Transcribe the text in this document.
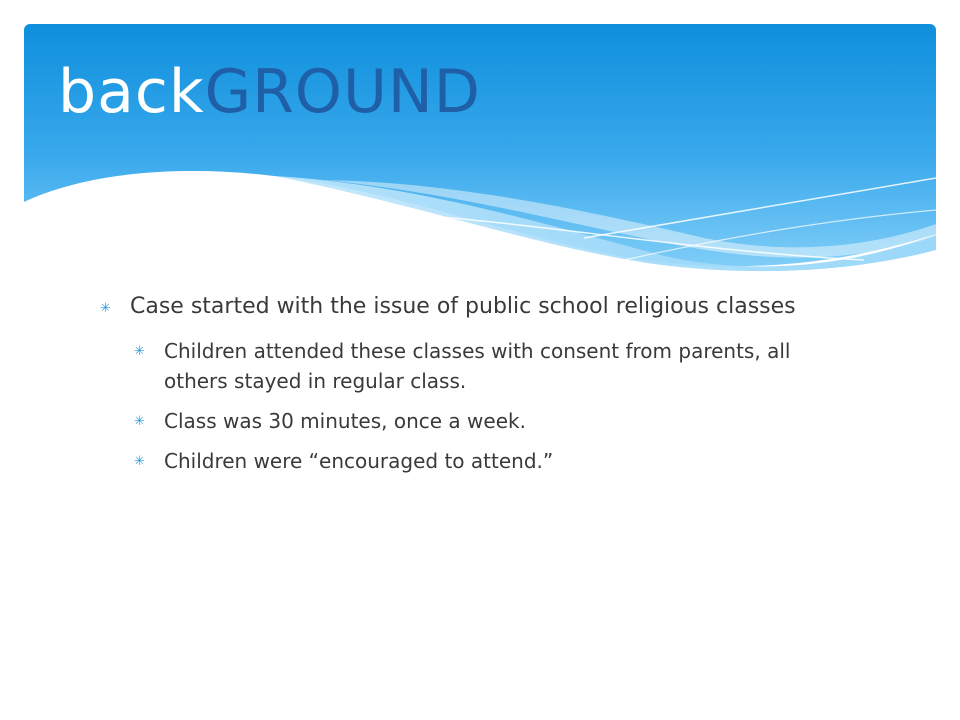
backGROUND
✳ Case started with the issue of public school religious classes
✳ Children attended these classes with consent from parents, all others stayed in regular class.
✳ Class was 30 minutes, once a week.
✳ Children were “encouraged to attend.”
